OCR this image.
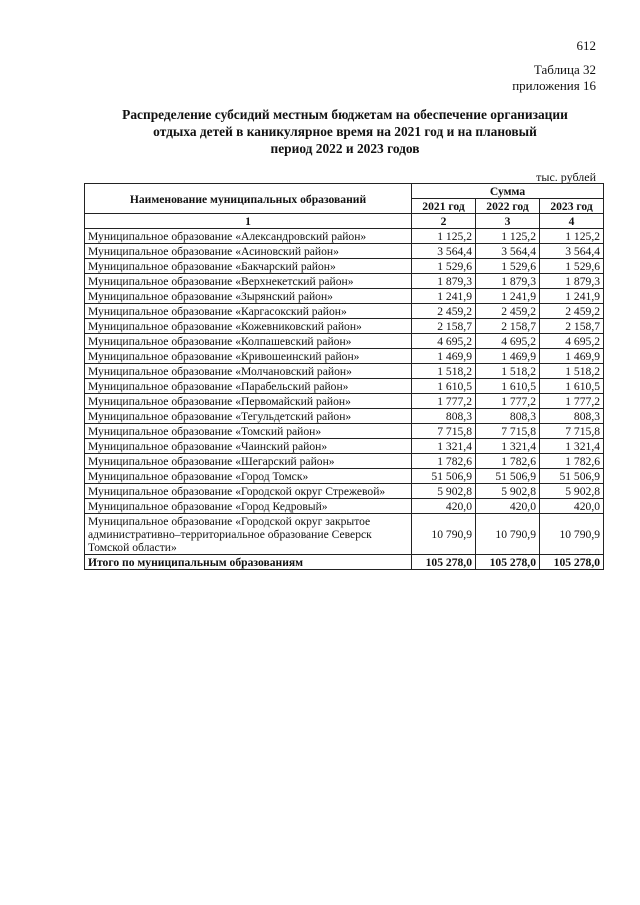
612
Таблица 32
приложения 16
Распределение субсидий местным бюджетам на обеспечение организации
отдыха детей в каникулярное время на 2021 год и на плановый
период 2022 и 2023 годов
тыс. рублей
Наименование муниципальных образований	Сумма		
	2021 год	2022 год	2023 год
1	2	3	4
Муниципальное образование «Александровский район»	1 125,2	1 125,2	1 125,2
Муниципальное образование «Асиновский район»	3 564,4	3 564,4	3 564,4
Муниципальное образование «Бакчарский район»	1 529,6	1 529,6	1 529,6
Муниципальное образование «Верхнекетский район»	1 879,3	1 879,3	1 879,3
Муниципальное образование «Зырянский район»	1 241,9	1 241,9	1 241,9
Муниципальное образование «Каргасокский район»	2 459,2	2 459,2	2 459,2
Муниципальное образование «Кожевниковский район»	2 158,7	2 158,7	2 158,7
Муниципальное образование «Колпашевский район»	4 695,2	4 695,2	4 695,2
Муниципальное образование «Кривошеинский район»	1 469,9	1 469,9	1 469,9
Муниципальное образование «Молчановский район»	1 518,2	1 518,2	1 518,2
Муниципальное образование «Парабельский район»	1 610,5	1 610,5	1 610,5
Муниципальное образование «Первомайский район»	1 777,2	1 777,2	1 777,2
Муниципальное образование «Тегульдетский район»	808,3	808,3	808,3
Муниципальное образование «Томский район»	7 715,8	7 715,8	7 715,8
Муниципальное образование «Чаинский район»	1 321,4	1 321,4	1 321,4
Муниципальное образование «Шегарский район»	1 782,6	1 782,6	1 782,6
Муниципальное образование «Город Томск»	51 506,9	51 506,9	51 506,9
Муниципальное образование «Городской округ Стрежевой»	5 902,8	5 902,8	5 902,8
Муниципальное образование «Город Кедровый»	420,0	420,0	420,0
Муниципальное образование «Городской округ закрытое административно–территориальное образование Северск Томской области»	10 790,9	10 790,9	10 790,9
Итого по муниципальным образованиям	105 278,0	105 278,0	105 278,0
